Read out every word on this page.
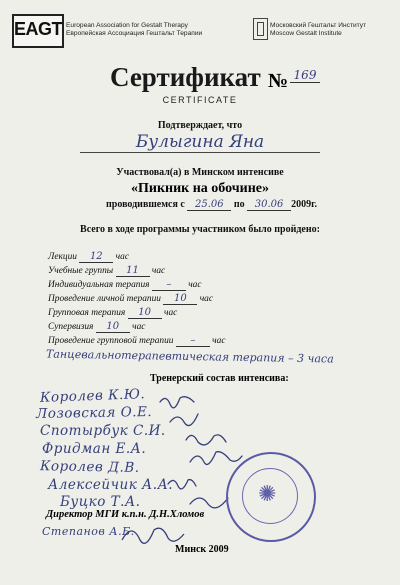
EAGT European Association for Gestalt Therapy
Европейская Ассоциация Гештальт Терапии
Московский Гештальт Институт
Moscow Gestalt Institute
Сертификат № 169
CERTIFICATE
Подтверждает, что
Булыгина Яна
Участвовал(а) в Минском интенсиве
«Пикник на обочине»
проводившемся с 25.06 по 30.06 2009г.
Всего в ходе программы участником было пройдено:
Лекции 12 час
Учебные группы 11 час
Индивидуальная терапия – час
Проведение личной терапии 10 час
Групповая терапия 10 час
Супервизия 10 час
Проведение групповой терапии – час
Танцевальнотерапевтическая терапия – 3 часа
Тренерский состав интенсива:
Королев К.Ю.
Лозовская О.Е.
Спотырбук С.И.
Фридман Е.А.
Королев Д.В.
Алексейчик А.А.
Буцко Т.А.
Степанов А.Б.
✺
Директор МГИ к.п.н. Д.Н.Хломов
Минск 2009
